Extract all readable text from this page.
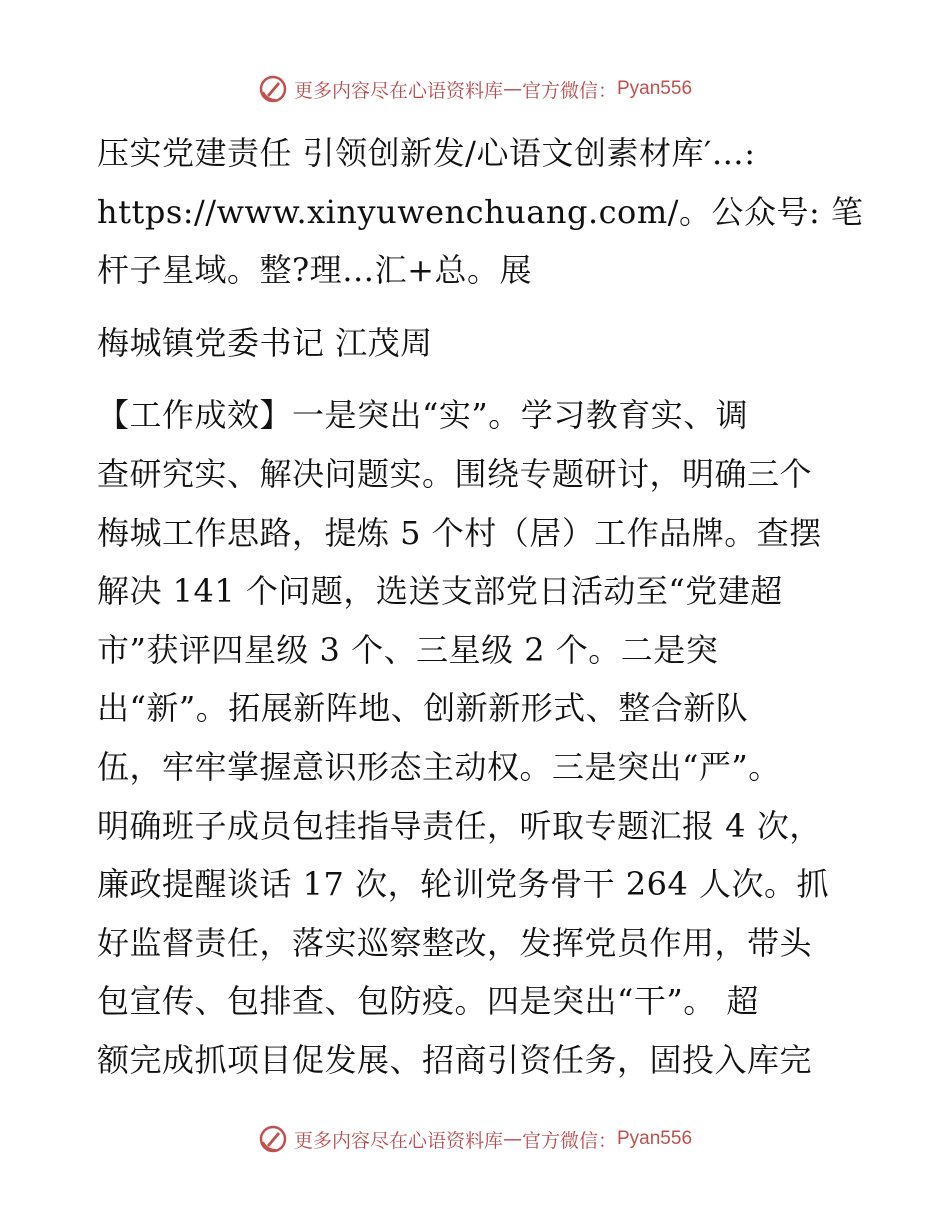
更多内容尽在心语资料库 — 官方微信： Pyan556
压实党建责任 引领创新发/心语文创素材库′…:
https://www.xinyuwenchuang.com/。公众号: 笔
杆子星域。整?理…汇+总。展
梅城镇党委书记 江茂周
【工作成效】一是突出“实”。学习教育实、调
查研究实、解决问题实。围绕专题研讨，明确三个
梅城工作思路，提炼 5 个村（居）工作品牌。查摆
解决 141 个问题，选送支部党日活动至“党建超
市”获评四星级 3 个、三星级 2 个。二是突
出“新”。拓展新阵地、创新新形式、整合新队
伍，牢牢掌握意识形态主动权。三是突出“严”。
明确班子成员包挂指导责任，听取专题汇报 4 次，
廉政提醒谈话 17 次，轮训党务骨干 264 人次。抓
好监督责任，落实巡察整改，发挥党员作用，带头
包宣传、包排查、包防疫。四是突出“干”。 超
额完成抓项目促发展、招商引资任务，固投入库完
更多内容尽在心语资料库 — 官方微信： Pyan556
